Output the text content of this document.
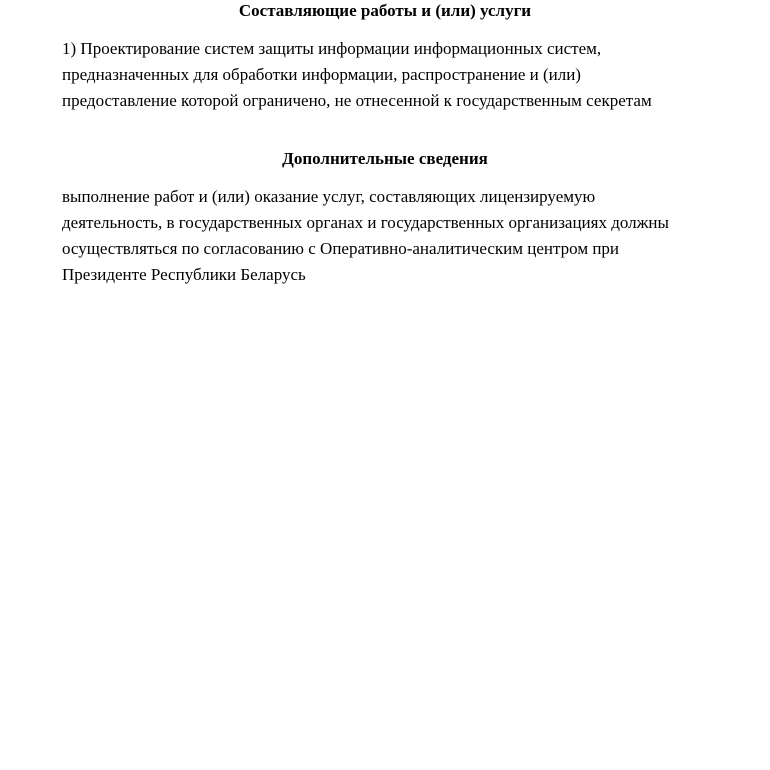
Составляющие работы и (или) услуги

1) Проектирование систем защиты информации информационных систем,
предназначенных для обработки информации, распространение и (или)
предоставление которой ограничено, не отнесенной к государственным секретам

Дополнительные сведения

выполнение работ и (или) оказание услуг, составляющих лицензируемую
деятельность, в государственных органах и государственных организациях должны
осуществляться по согласованию с Оперативно-аналитическим центром при
Президенте Республики Беларусь
